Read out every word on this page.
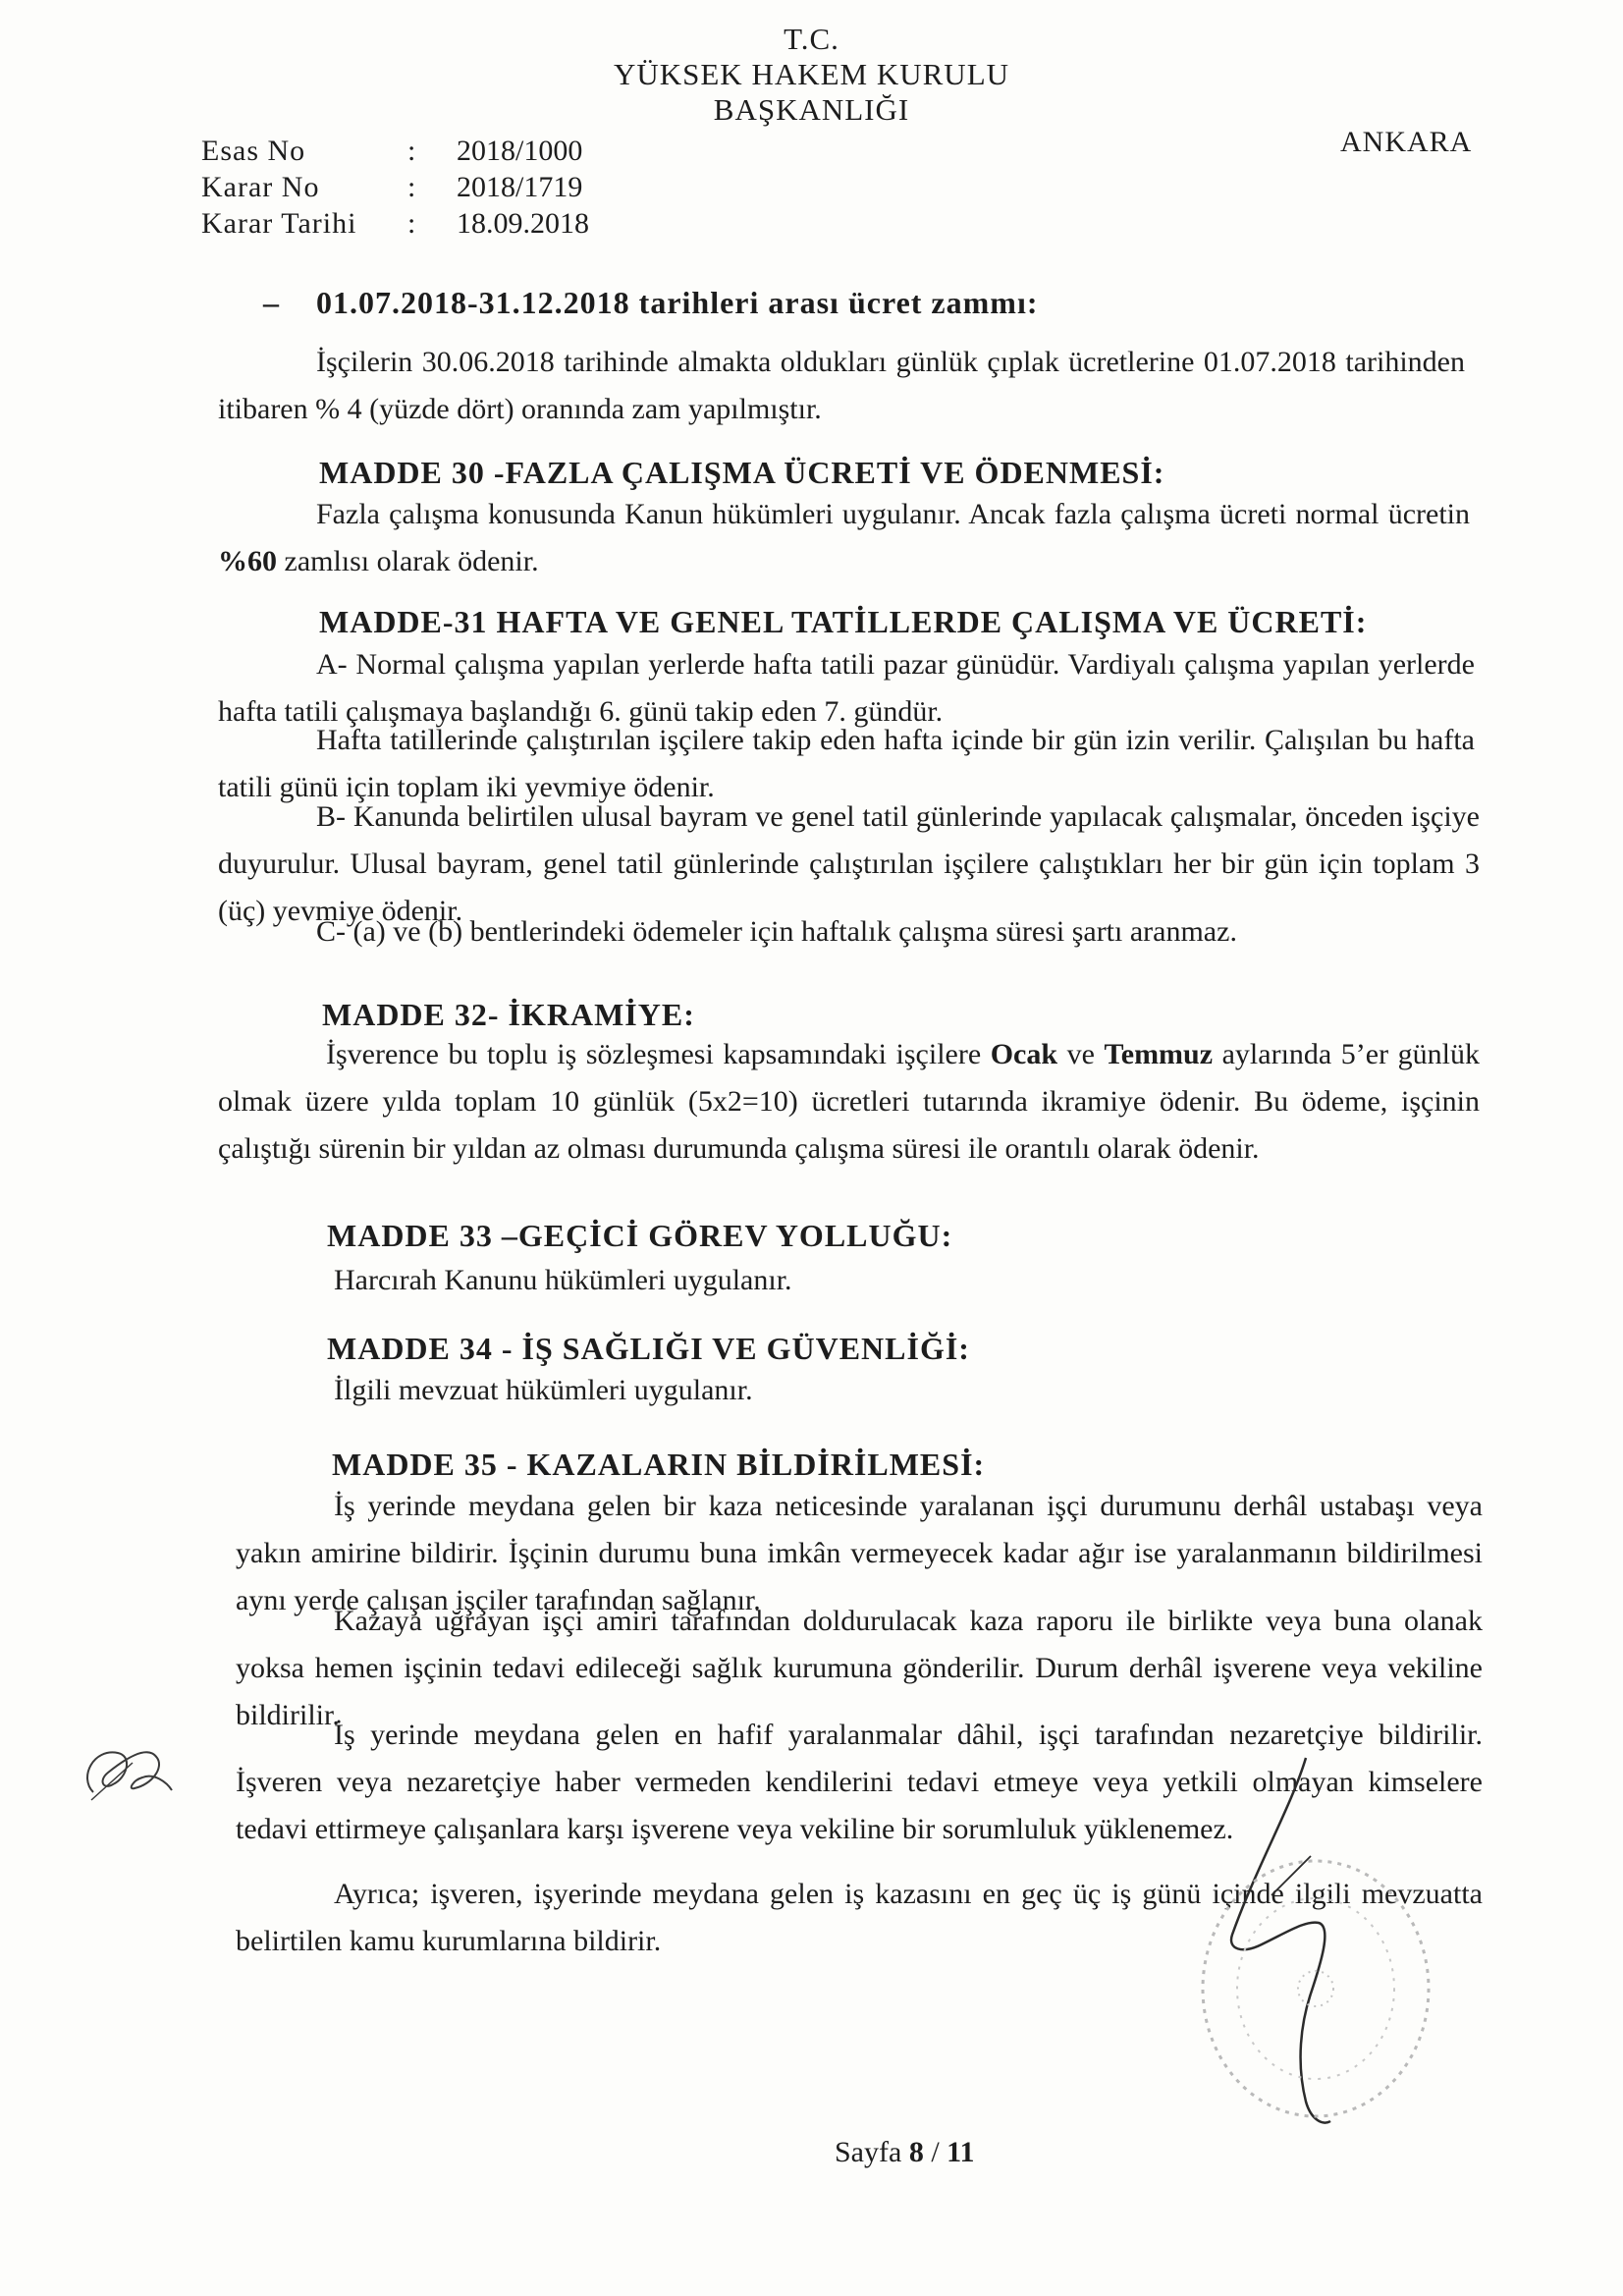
T.C.
YÜKSEK HAKEM KURULU
BAŞKANLIĞI
ANKARA
Esas No	: 2018/1000
Karar No	: 2018/1719
Karar Tarihi : 18.09.2018
– 01.07.2018-31.12.2018 tarihleri arası ücret zammı:
İşçilerin 30.06.2018 tarihinde almakta oldukları günlük çıplak ücretlerine 01.07.2018 tarihinden itibaren % 4 (yüzde dört) oranında zam yapılmıştır.
MADDE 30 -FAZLA ÇALIŞMA ÜCRETİ VE ÖDENMESİ:
Fazla çalışma konusunda Kanun hükümleri uygulanır. Ancak fazla çalışma ücreti normal ücretin %60 zamlısı olarak ödenir.
MADDE-31 HAFTA VE GENEL TATİLLERDE ÇALIŞMA VE ÜCRETİ:
A- Normal çalışma yapılan yerlerde hafta tatili pazar günüdür. Vardiyalı çalışma yapılan yerlerde hafta tatili çalışmaya başlandığı 6. günü takip eden 7. gündür.
Hafta tatillerinde çalıştırılan işçilere takip eden hafta içinde bir gün izin verilir. Çalışılan bu hafta tatili günü için toplam iki yevmiye ödenir.
B- Kanunda belirtilen ulusal bayram ve genel tatil günlerinde yapılacak çalışmalar, önceden işçiye duyurulur. Ulusal bayram, genel tatil günlerinde çalıştırılan işçilere çalıştıkları her bir gün için toplam 3 (üç) yevmiye ödenir.
C- (a) ve (b) bentlerindeki ödemeler için haftalık çalışma süresi şartı aranmaz.
MADDE 32- İKRAMİYE:
İşverence bu toplu iş sözleşmesi kapsamındaki işçilere Ocak ve Temmuz aylarında 5’er günlük olmak üzere yılda toplam 10 günlük (5x2=10) ücretleri tutarında ikramiye ödenir. Bu ödeme, işçinin çalıştığı sürenin bir yıldan az olması durumunda çalışma süresi ile orantılı olarak ödenir.
MADDE 33 –GEÇİCİ GÖREV YOLLUĞU:
Harcırah Kanunu hükümleri uygulanır.
MADDE 34 - İŞ SAĞLIĞI VE GÜVENLİĞİ:
İlgili mevzuat hükümleri uygulanır.
MADDE 35 - KAZALARIN BİLDİRİLMESİ:
İş yerinde meydana gelen bir kaza neticesinde yaralanan işçi durumunu derhâl ustabaşı veya yakın amirine bildirir. İşçinin durumu buna imkân vermeyecek kadar ağır ise yaralanmanın bildirilmesi aynı yerde çalışan işçiler tarafından sağlanır.
Kazaya uğrayan işçi amiri tarafından doldurulacak kaza raporu ile birlikte veya buna olanak yoksa hemen işçinin tedavi edileceği sağlık kurumuna gönderilir. Durum derhâl işverene veya vekiline bildirilir.
İş yerinde meydana gelen en hafif yaralanmalar dâhil, işçi tarafından nezaretçiye bildirilir. İşveren veya nezaretçiye haber vermeden kendilerini tedavi etmeye veya yetkili olmayan kimselere tedavi ettirmeye çalışanlara karşı işverene veya vekiline bir sorumluluk yüklenemez.
Ayrıca; işveren, işyerinde meydana gelen iş kazasını en geç üç iş günü içinde ilgili mevzuatta belirtilen kamu kurumlarına bildirir.
Sayfa 8 / 11
